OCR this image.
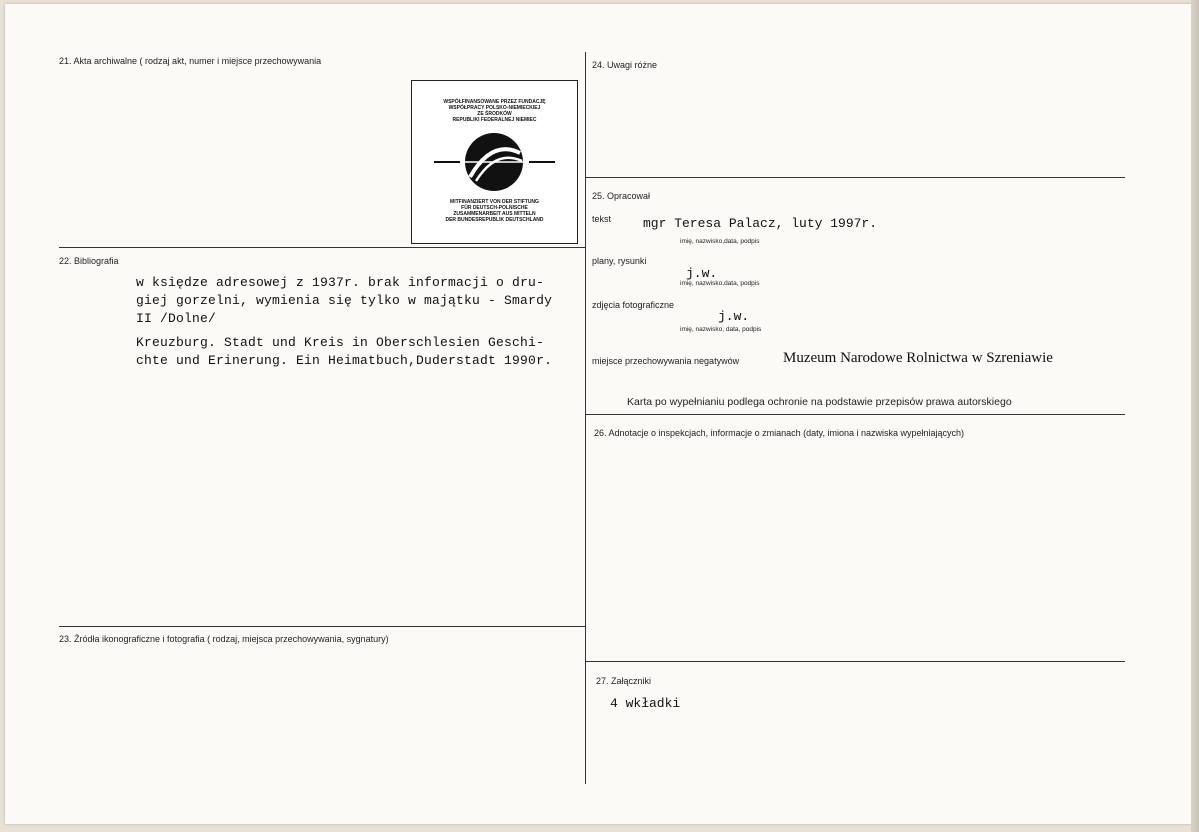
21. Akta archiwalne ( rodzaj akt, numer i miejsce przechowywania
WSPÓŁFINANSOWANE PRZEZ FUNDACJĘ
WSPÓŁPRACY POLSKO-NIEMIECKIEJ
ZE ŚRODKÓW
REPUBLIKI FEDERALNEJ NIEMIEC
MITFINANZIERT VON DER STIFTUNG
FÜR DEUTSCH-POLNISCHE
ZUSAMMENARBEIT AUS MITTELN
DER BUNDESREPUBLIK DEUTSCHLAND
22. Bibliografia
w księdze adresowej z 1937r. brak informacji o dru-
giej gorzelni, wymienia się tylko w majątku - Smardy
II /Dolne/
Kreuzburg. Stadt und Kreis in Oberschlesien Geschi-
chte und Erinerung. Ein Heimatbuch,Duderstadt 1990r.
23. Źródła ikonograficzne i fotografia ( rodzaj, miejsca przechowywania, sygnatury)
24. Uwagi różne
25. Opracował
tekst mgr Teresa Palacz, luty 1997r.
imię, nazwisko,data, podpis
plany, rysunki
j.w.
imię, nazwisko,data, podpis
zdjęcia fotograficzne
j.w.
imię, nazwisko, data, podpis
miejsce przechowywania negatywów	Muzeum Narodowe Rolnictwa w Szreniawie
Karta po wypełnianiu podlega ochronie na podstawie przepisów prawa autorskiego
26. Adnotacje o inspekcjach, informacje o zmianach (daty, imiona i nazwiska wypełniających)
27. Załączniki
4 wkładki
